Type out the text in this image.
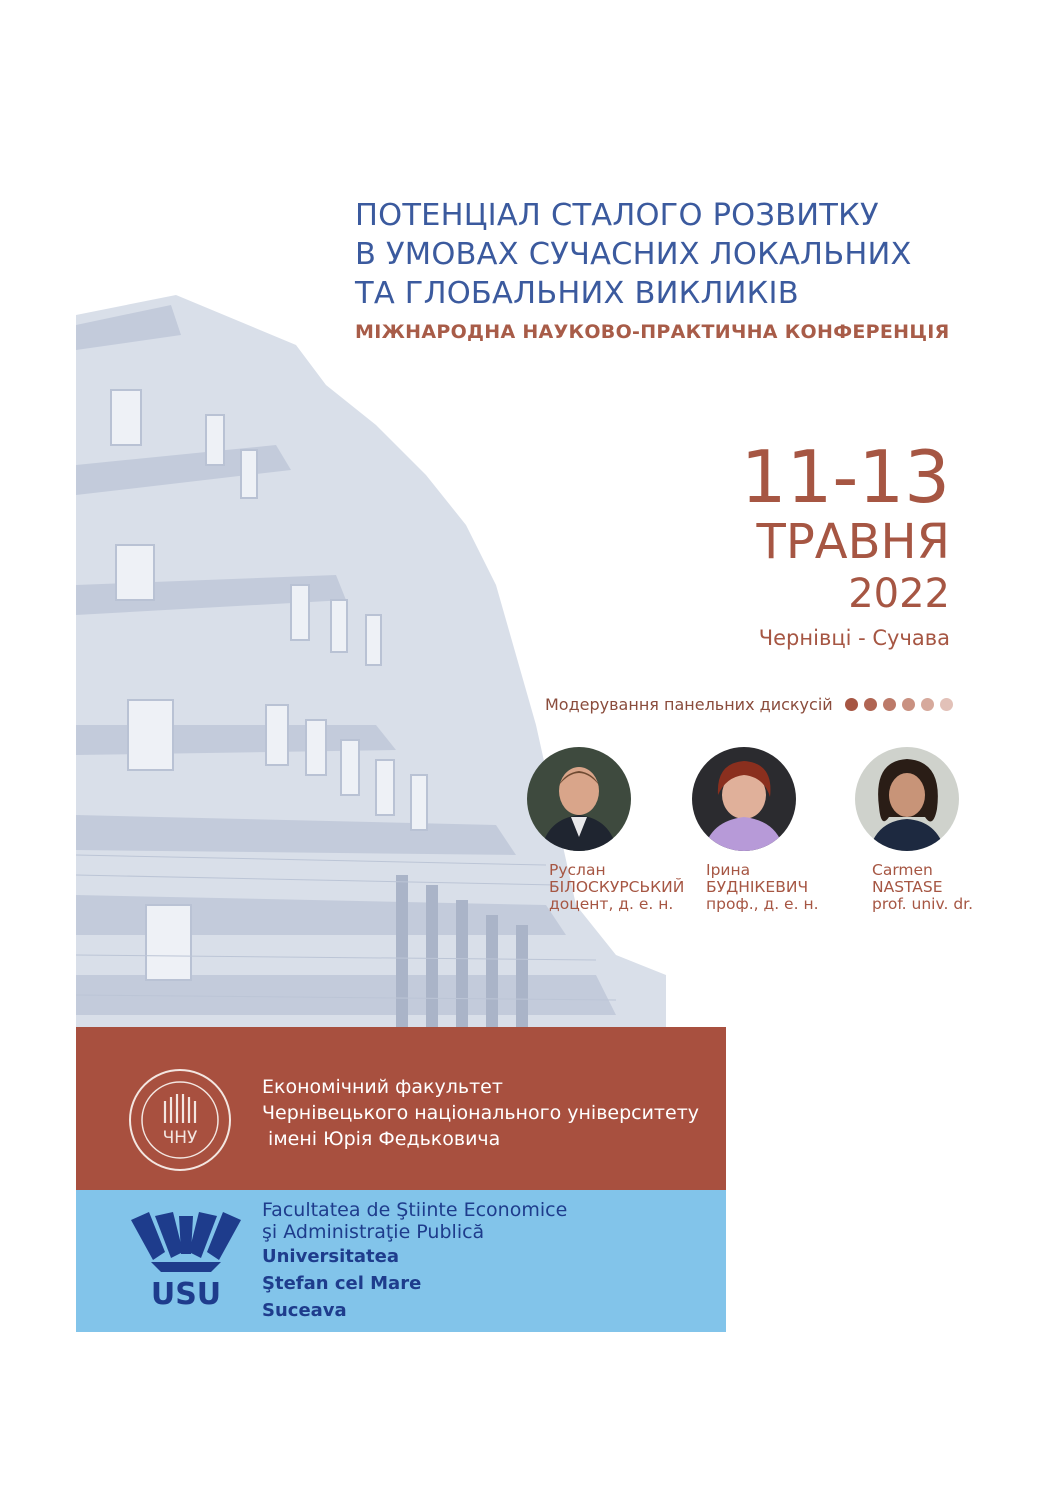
ПОТЕНЦІАЛ СТАЛОГО РОЗВИТКУ
В УМОВАХ СУЧАСНИХ ЛОКАЛЬНИХ
ТА ГЛОБАЛЬНИХ ВИКЛИКІВ
МІЖНАРОДНА НАУКОВО-ПРАКТИЧНА КОНФЕРЕНЦІЯ
11-13
ТРАВНЯ
2022
Чернівці - Сучава
Модерування панельних дискусій
Руслан
БІЛОСКУРСЬКИЙ
доцент, д. е. н.
Ірина
БУДНІКЕВИЧ
проф., д. е. н.
Carmen
NASTASE
prof. univ. dr.
ЧНУ
Економічний факультет
Чернівецького національного університету
імені Юрія Федьковича
USU
Facultatea de Ştiinte Economice
şi Administraţie Publică
Universitatea
Ştefan cel Mare
Suceava
